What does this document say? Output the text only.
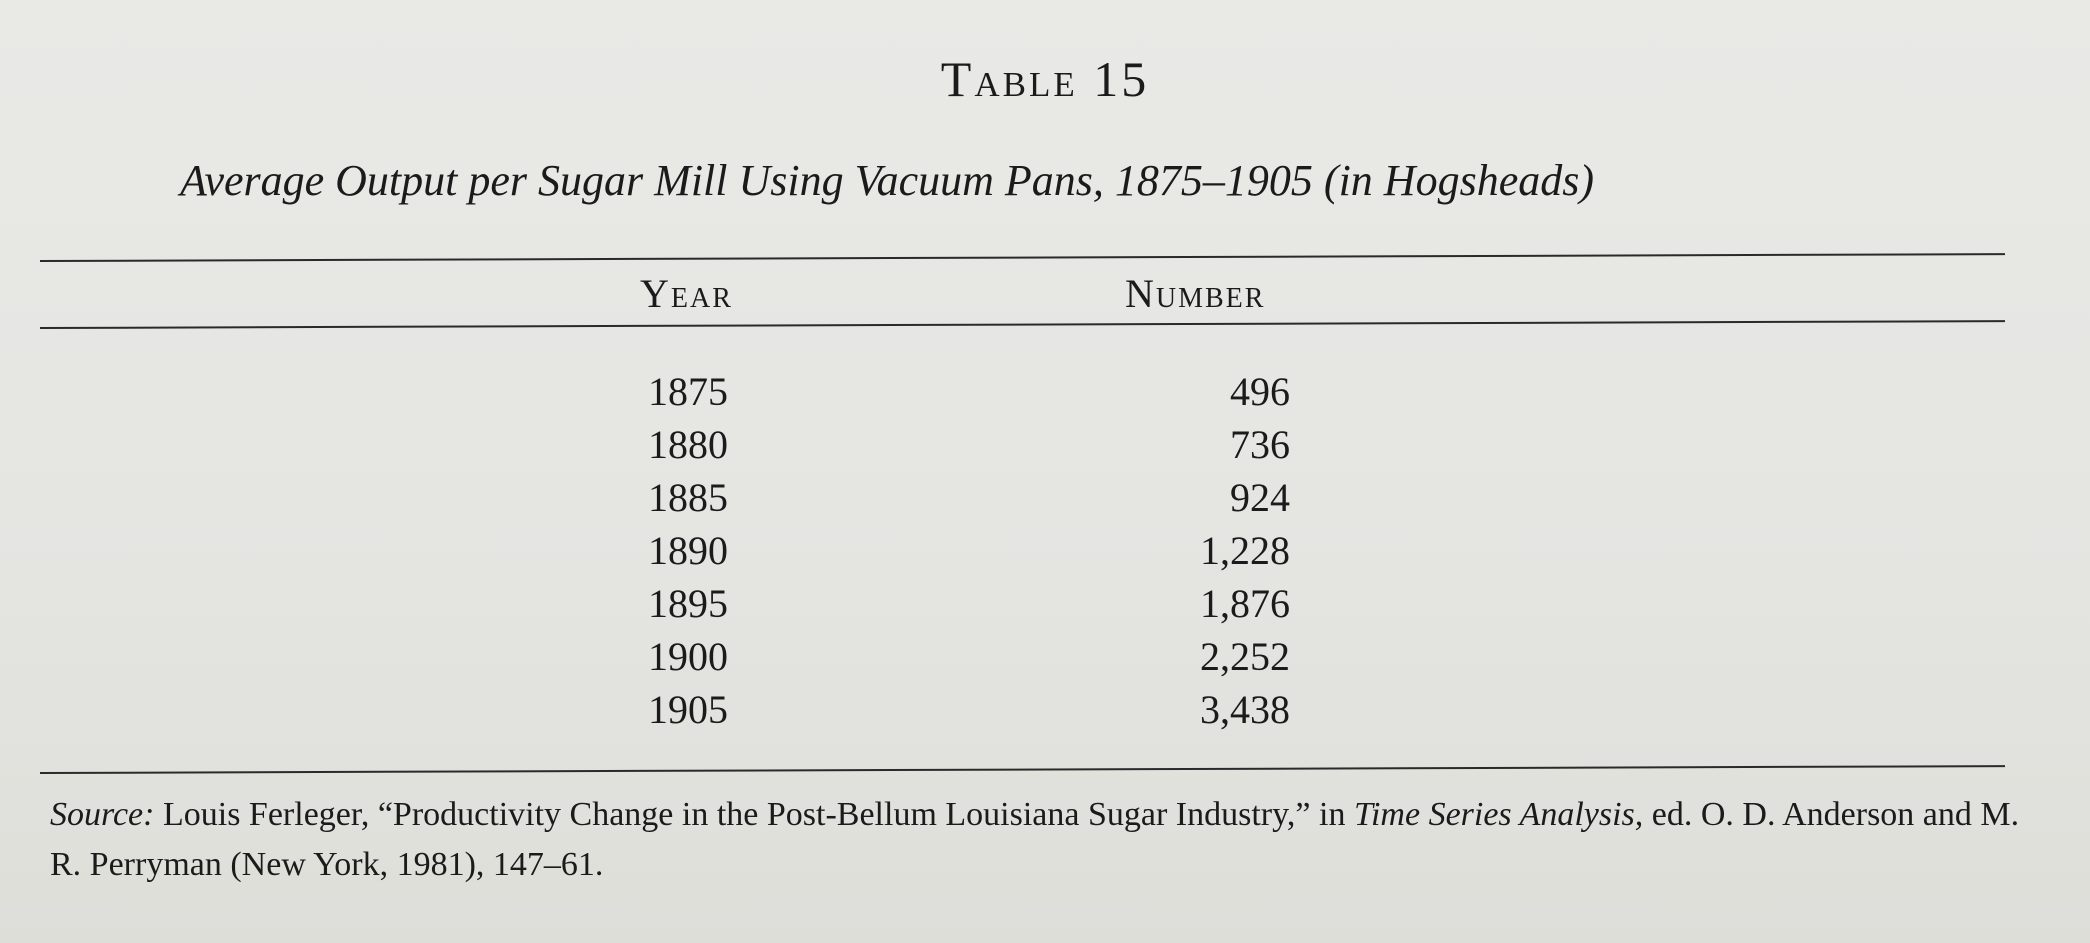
Table 15
Average Output per Sugar Mill Using Vacuum Pans, 1875–1905 (in Hogsheads)
Year	Number
1875	496
1880	736
1885	924
1890	1,228
1895	1,876
1900	2,252
1905	3,438
Source: Louis Ferleger, “Productivity Change in the Post-Bellum Louisiana Sugar Industry,” in Time Series Analysis, ed. O. D. Anderson and M. R. Perryman (New York, 1981), 147–61.
